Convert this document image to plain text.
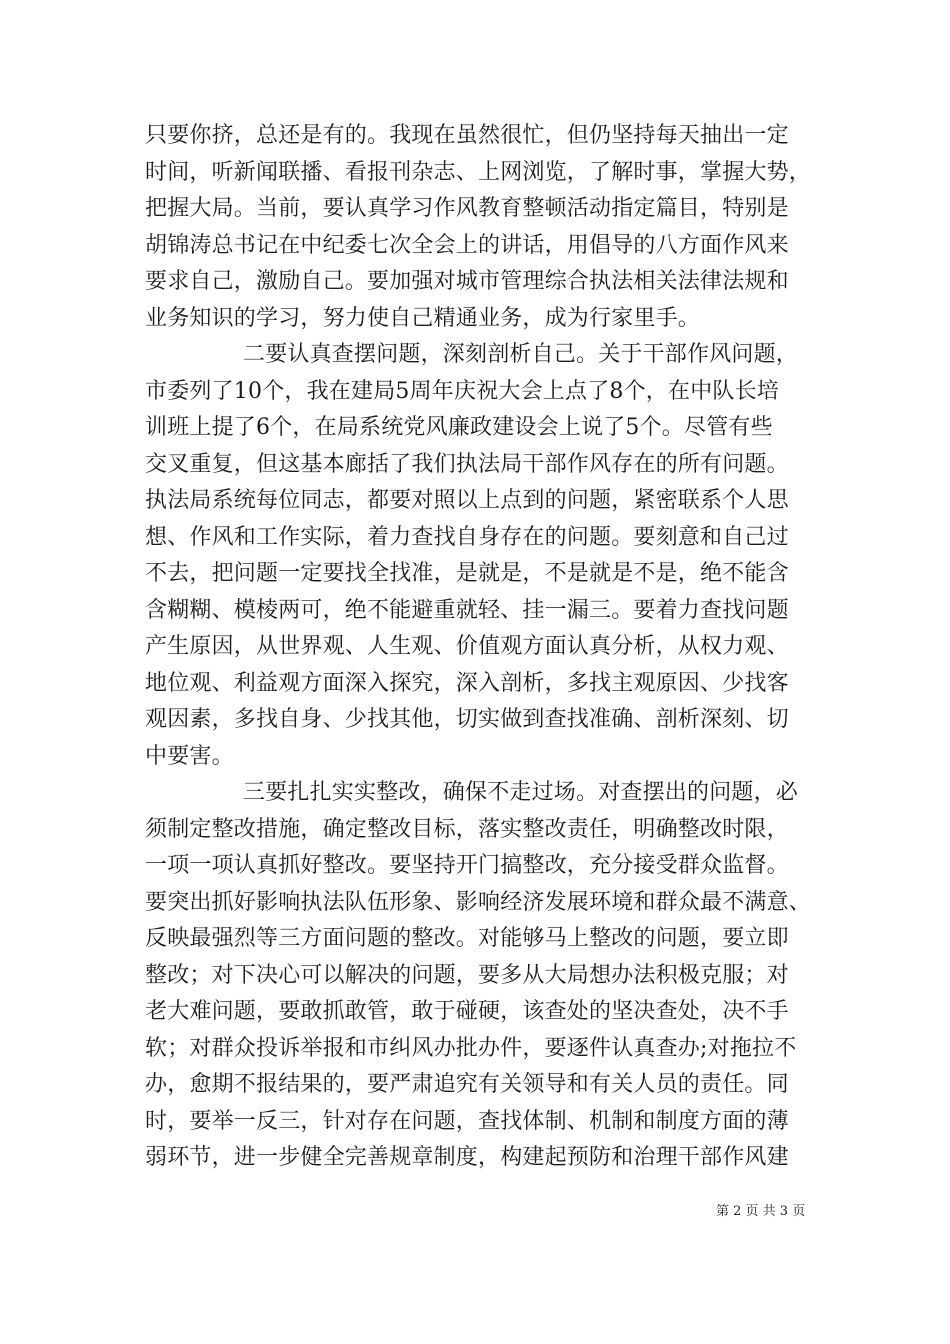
只要你挤，总还是有的。我现在虽然很忙，但仍坚持每天抽出一定
时间，听新闻联播、看报刊杂志、上网浏览，了解时事，掌握大势，
把握大局。当前，要认真学习作风教育整顿活动指定篇目，特别是
胡锦涛总书记在中纪委七次全会上的讲话，用倡导的八方面作风来
要求自己，激励自己。要加强对城市管理综合执法相关法律法规和
业务知识的学习，努力使自己精通业务，成为行家里手。
二要认真查摆问题，深刻剖析自己。关于干部作风问题，
市委列了10个，我在建局5周年庆祝大会上点了8个，在中队长培
训班上提了6个，在局系统党风廉政建设会上说了5个。尽管有些
交叉重复，但这基本廊括了我们执法局干部作风存在的所有问题。
执法局系统每位同志，都要对照以上点到的问题，紧密联系个人思
想、作风和工作实际，着力查找自身存在的问题。要刻意和自己过
不去，把问题一定要找全找准，是就是，不是就是不是，绝不能含
含糊糊、模棱两可，绝不能避重就轻、挂一漏三。要着力查找问题
产生原因，从世界观、人生观、价值观方面认真分析，从权力观、
地位观、利益观方面深入探究，深入剖析，多找主观原因、少找客
观因素，多找自身、少找其他，切实做到查找准确、剖析深刻、切
中要害。
三要扎扎实实整改，确保不走过场。对查摆出的问题，必
须制定整改措施，确定整改目标，落实整改责任，明确整改时限，
一项一项认真抓好整改。要坚持开门搞整改，充分接受群众监督。
要突出抓好影响执法队伍形象、影响经济发展环境和群众最不满意、
反映最强烈等三方面问题的整改。对能够马上整改的问题，要立即
整改；对下决心可以解决的问题，要多从大局想办法积极克服；对
老大难问题，要敢抓敢管，敢于碰硬，该查处的坚决查处，决不手
软；对群众投诉举报和市纠风办批办件，要逐件认真查办;对拖拉不
办，愈期不报结果的，要严肃追究有关领导和有关人员的责任。同
时，要举一反三，针对存在问题，查找体制、机制和制度方面的薄
弱环节，进一步健全完善规章制度，构建起预防和治理干部作风建
第 2 页 共 3 页
